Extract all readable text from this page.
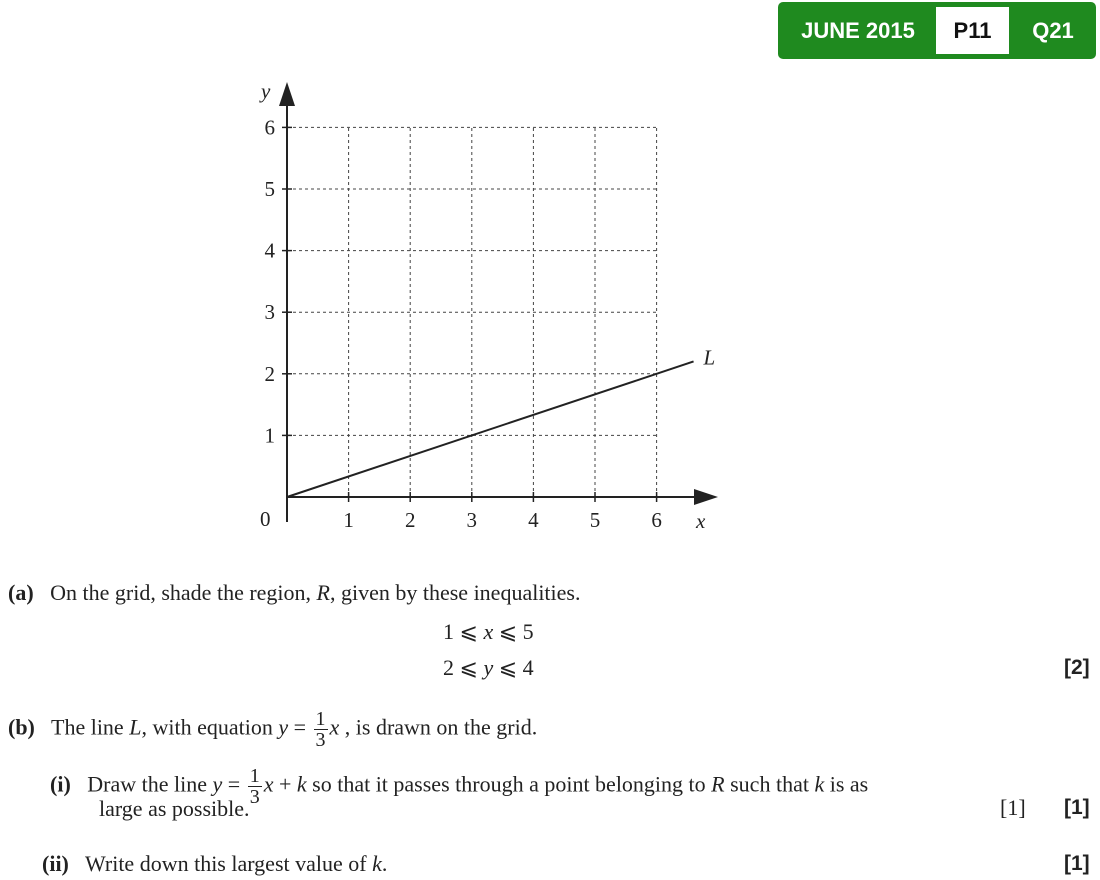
JUNE 2015	P11	Q21
1 2 3 4 5 6
1
2
3
4
5
6
L
y
x
0
(a) On the grid, shade the region, R, given by these inequalities.
1 ⩽ x ⩽ 5
2 ⩽ y ⩽ 4	[2]
(b) The line L, with equation $y = \frac{1}{3}$ x , is drawn on the grid.
(i) Draw the line $y = \frac{1}{3}$ x + k so that it passes through a point belonging to R such that k is as
large as possible.	[1] [1]
(ii) Write down this largest value of k.	[1]
